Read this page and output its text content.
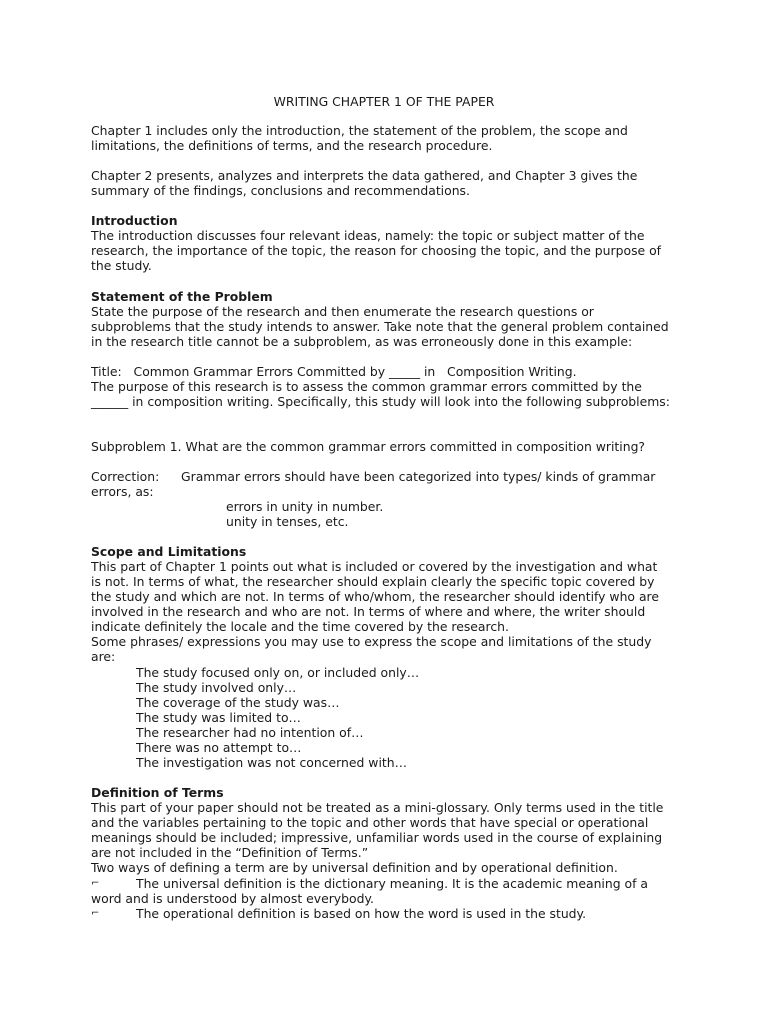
WRITING CHAPTER 1 OF THE PAPER
Chapter 1 includes only the introduction, the statement of the problem, the scope and
limitations, the definitions of terms, and the research procedure.
Chapter 2 presents, analyzes and interprets the data gathered, and Chapter 3 gives the
summary of the findings, conclusions and recommendations.
Introduction
The introduction discusses four relevant ideas, namely: the topic or subject matter of the
research, the importance of the topic, the reason for choosing the topic, and the purpose of
the study.
Statement of the Problem
State the purpose of the research and then enumerate the research questions or
subproblems that the study intends to answer. Take note that the general problem contained
in the research title cannot be a subproblem, as was erroneously done in this example:
Title:   Common Grammar Errors Committed by _____ in   Composition Writing.
The purpose of this research is to assess the common grammar errors committed by the
______ in composition writing. Specifically, this study will look into the following subproblems:
Subproblem 1. What are the common grammar errors committed in composition writing?
Correction: Grammar errors should have been categorized into types/ kinds of grammar
errors, as:
errors in unity in number.
unity in tenses, etc.
Scope and Limitations
This part of Chapter 1 points out what is included or covered by the investigation and what
is not. In terms of what, the researcher should explain clearly the specific topic covered by
the study and which are not. In terms of who/whom, the researcher should identify who are
involved in the research and who are not. In terms of where and where, the writer should
indicate definitely the locale and the time covered by the research.
Some phrases/ expressions you may use to express the scope and limitations of the study
are:
The study focused only on, or included only…
The study involved only…
The coverage of the study was…
The study was limited to…
The researcher had no intention of…
There was no attempt to…
The investigation was not concerned with…
Definition of Terms
This part of your paper should not be treated as a mini-glossary. Only terms used in the title
and the variables pertaining to the topic and other words that have special or operational
meanings should be included; impressive, unfamiliar words used in the course of explaining
are not included in the “Definition of Terms.”
Two ways of defining a term are by universal definition and by operational definition.
⌐	The universal definition is the dictionary meaning. It is the academic meaning of a
word and is understood by almost everybody.
⌐	The operational definition is based on how the word is used in the study.
